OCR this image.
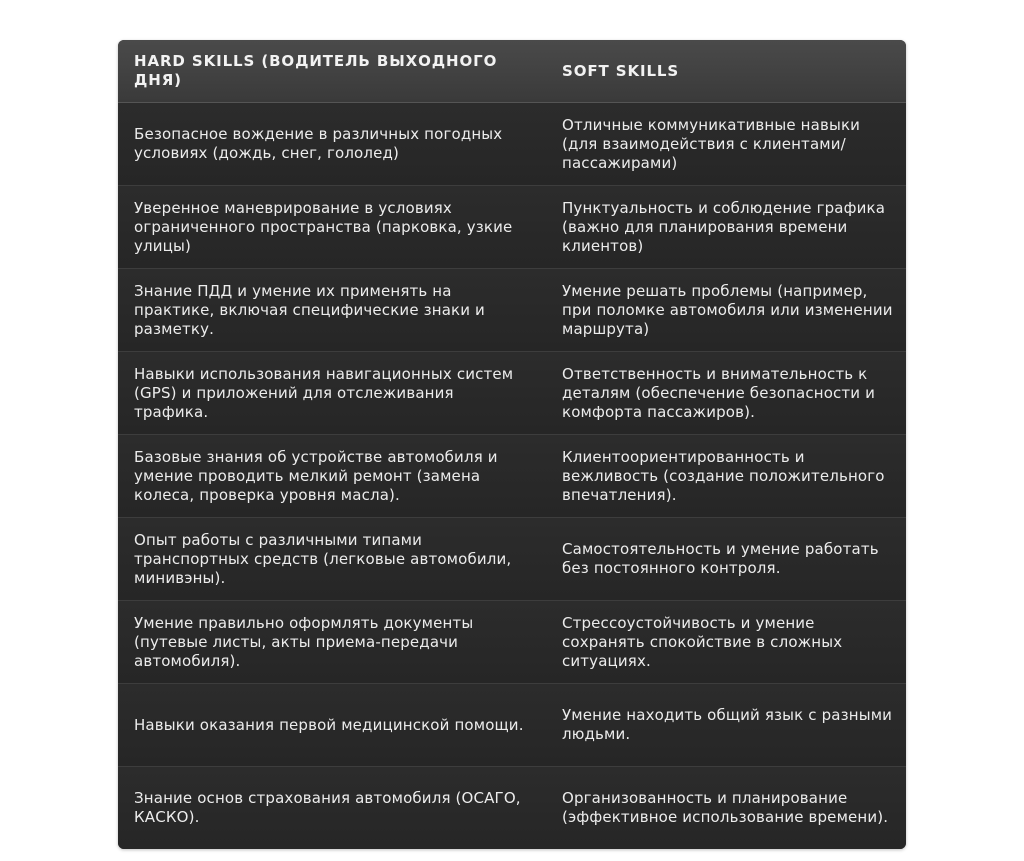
HARD SKILLS (ВОДИТЕЛЬ ВЫХОДНОГО ДНЯ)
SOFT SKILLS
Безопасное вождение в различных погодных условиях (дождь, снег, гололед)
Отличные коммуникативные навыки (для взаимодействия с клиентами/ пассажирами)
Уверенное маневрирование в условиях ограниченного пространства (парковка, узкие улицы)
Пунктуальность и соблюдение графика (важно для планирования времени клиентов)
Знание ПДД и умение их применять на практике, включая специфические знаки и разметку.
Умение решать проблемы (например, при поломке автомобиля или изменении маршрута)
Навыки использования навигационных систем (GPS) и приложений для отслеживания трафика.
Ответственность и внимательность к деталям (обеспечение безопасности и комфорта пассажиров).
Базовые знания об устройстве автомобиля и умение проводить мелкий ремонт (замена колеса, проверка уровня масла).
Клиентоориентированность и вежливость (создание положительного впечатления).
Опыт работы с различными типами транспортных средств (легковые автомобили, минивэны).
Самостоятельность и умение работать без постоянного контроля.
Умение правильно оформлять документы (путевые листы, акты приема-передачи автомобиля).
Стрессоустойчивость и умение сохранять спокойствие в сложных ситуациях.
Навыки оказания первой медицинской помощи.
Умение находить общий язык с разными людьми.
Знание основ страхования автомобиля (ОСАГО, КАСКО).
Организованность и планирование (эффективное использование времени).
